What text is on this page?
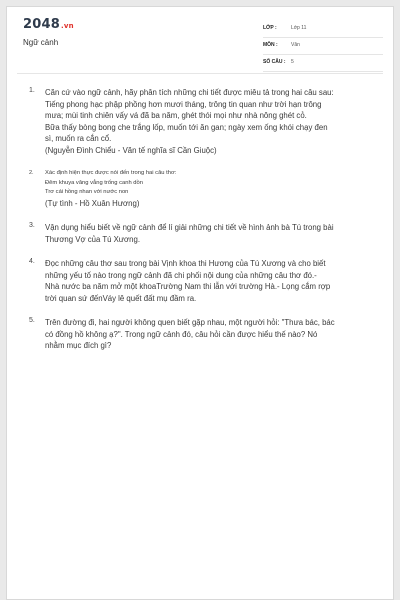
2048.vn
Ngữ cảnh
LỚP :	Lớp 11
MÔN :	Văn
SỐ CÂU : 5
1. Căn cứ vào ngữ cảnh, hãy phân tích những chi tiết được miêu tả trong hai câu sau:
Tiếng phong hạc phập phồng hơn mươi tháng, trông tin quan như trời hạn trông
mưa; mùi tinh chiên vấy vá đã ba năm, ghét thói mọi như nhà nông ghét cỏ.
Bữa thấy bòng bong che trắng lốp, muốn tới ăn gan; ngày xem ống khói chạy đen
sì, muốn ra cắn cổ.
(Nguyễn Đình Chiểu - Văn tế nghĩa sĩ Cần Giuộc)
2. Xác định hiện thực được nói đến trong hai câu thơ:
Đêm khuya văng vẳng trống canh dồn
Trơ cái hồng nhan với nước non
(Tự tình - Hồ Xuân Hương)
3. Vận dụng hiểu biết về ngữ cảnh để lí giải những chi tiết về hình ảnh bà Tú trong bài
Thương Vợ của Tú Xương.
4. Đọc những câu thơ sau trong bài Vịnh khoa thi Hương của Tú Xương và cho biết
những yếu tố nào trong ngữ cảnh đã chi phối nội dung của những câu thơ đó.-
Nhà nước ba năm mở một khoaTrường Nam thi lẫn với trường Hà.- Lọng cắm rợp
trời quan sứ đếnVáy lê quết đất mụ đầm ra.
5. Trên đường đi, hai người không quen biết gặp nhau, một người hỏi: "Thưa bác, bác
có đồng hồ không ạ?". Trong ngữ cảnh đó, câu hỏi cần được hiểu thế nào? Nó
nhằm mục đích gì?
